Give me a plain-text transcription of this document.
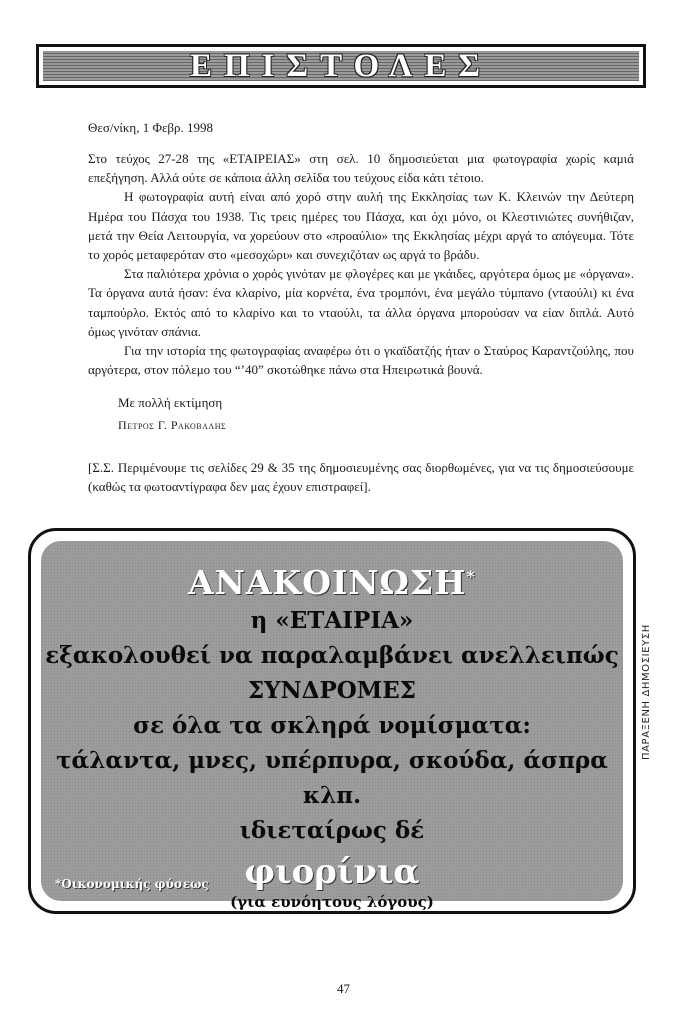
ΕΠΙΣΤΟΛΕΣ
Θεσ/νίκη, 1 Φεβρ. 1998

Στο τεύχος 27-28 της «ΕΤΑΙΡΕΙΑΣ» στη σελ. 10 δημοσιεύεται μια φωτογραφία χωρίς καμιά επεξήγηση. Αλλά ούτε σε κάποια άλλη σελίδα του τεύχους είδα κάτι τέτοιο.

Η φωτογραφία αυτή είναι από χορό στην αυλή της Εκκλησίας των Κ. Κλεινών την Δεύτερη Ημέρα του Πάσχα του 1938. Τις τρεις ημέρες του Πάσχα, και όχι μόνο, οι Κλεστινιώτες συνήθιζαν, μετά την Θεία Λειτουργία, να χορεύουν στο «προαύλιο» της Εκκλησίας μέχρι αργά το απόγευμα. Τότε το χορός μεταφερόταν στο «μεσοχώρι» και συνεχιζόταν ως αργά το βράδυ.

Στα παλιότερα χρόνια ο χορός γινόταν με φλογέρες και με γκάιδες, αργότερα όμως με «όργανα». Τα όργανα αυτά ήσαν: ένα κλαρίνο, μία κορνέτα, ένα τρομπόνι, ένα μεγάλο τύμπανο (νταούλι) κι ένα ταμπούρλο. Εκτός από το κλαρίνο και το νταούλι, τα άλλα όργανα μπορούσαν να είαν διπλά. Αυτό όμως γινόταν σπάνια.

Για την ιστορία της φωτογραφίας αναφέρω ότι ο γκαϊδατζής ήταν ο Σταύρος Καραντζούλης, που αργότερα, στον πόλεμο του “’40” σκοτώθηκε πάνω στα Ηπειρωτικά βουνά.

Με πολλή εκτίμηση
Πετρος Γ. Ρακοβαλης
[Σ.Σ. Περιμένουμε τις σελίδες 29 & 35 της δημοσιευμένης σας διορθωμένες, για να τις δημοσιεύσουμε (καθώς τα φωτοαντίγραφα δεν μας έχουν επιστραφεί].
ΑΝΑΚΟΙΝΩΣΗ*
η «ΕΤΑΙΡΙΑ»
εξακολουθεί να παραλαμβάνει ανελλειπώς
ΣΥΝΔΡΟΜΕΣ
σε όλα τα σκληρά νομίσματα:
τάλαντα, μνες, υπέρπυρα, σκούδα, άσπρα κλπ.
ιδιεταίρως δέ
φιορίνια
(για ευνόητους λόγους)
*Οικονομικής φύσεως
ΠΑΡΑΞΕΝΗ ΔΗΜΟΣΙΕΥΣΗ
47
